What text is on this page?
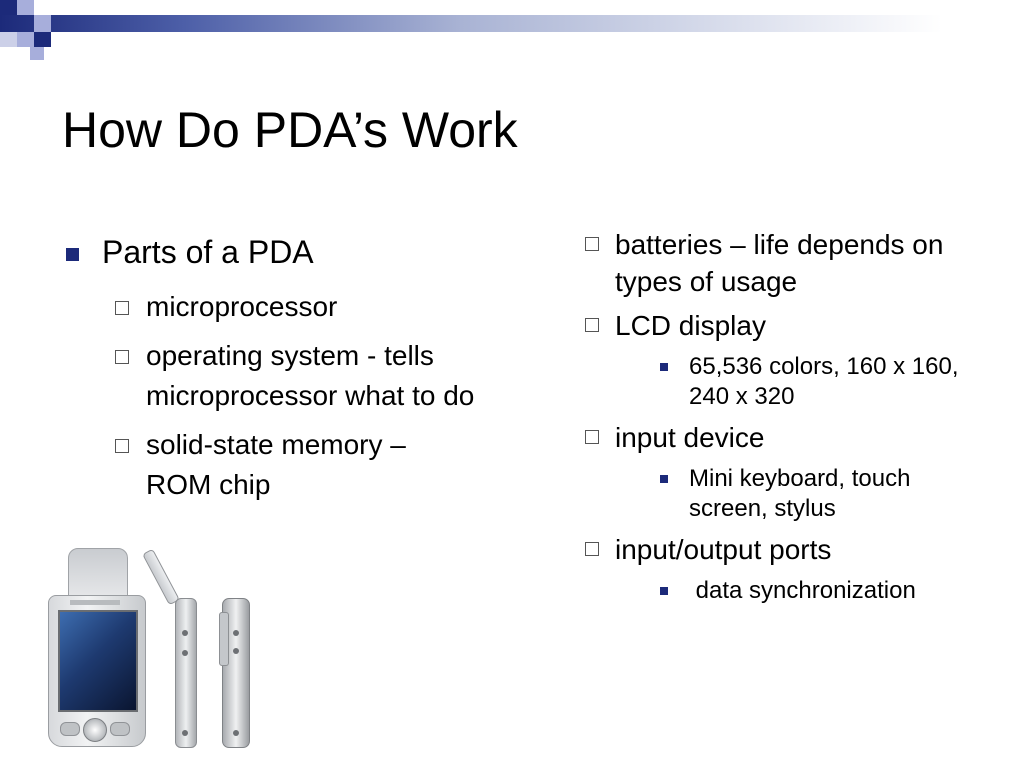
How Do PDA’s Work
Parts of a PDA
microprocessor
operating system - tells microprocessor what to do
solid-state memory – ROM chip
batteries – life depends on types of usage
LCD display
65,536 colors, 160 x 160, 240 x 320
input device
Mini keyboard, touch screen, stylus
input/output ports
data synchronization
